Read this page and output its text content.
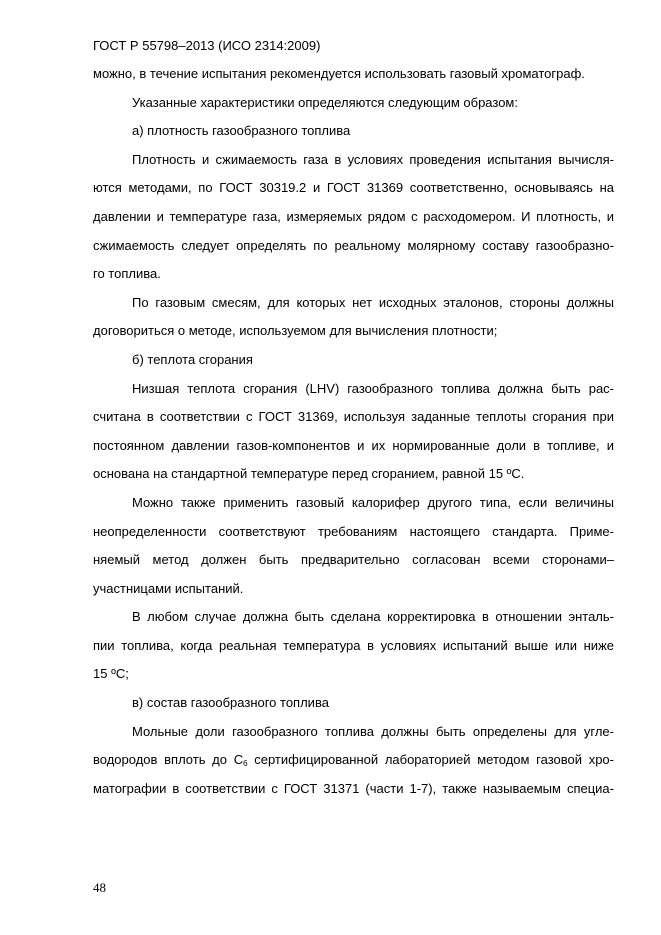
ГОСТ Р 55798–2013 (ИСО 2314:2009)
можно, в течение испытания рекомендуется использовать газовый хроматограф.
Указанные характеристики определяются следующим образом:
а) плотность газообразного топлива
Плотность и сжимаемость газа в условиях проведения испытания вычисля-
ются методами, по ГОСТ 30319.2 и ГОСТ 31369 соответственно, основываясь на
давлении и температуре газа, измеряемых рядом с расходомером. И плотность, и
сжимаемость следует определять по реальному молярному составу газообразно-
го топлива.
По газовым смесям, для которых нет исходных эталонов, стороны должны
договориться о методе, используемом для вычисления плотности;
б) теплота сгорания
Низшая теплота сгорания (LHV) газообразного топлива должна быть рас-
считана в соответствии с ГОСТ 31369, используя заданные теплоты сгорания при
постоянном давлении газов-компонентов и их нормированные доли в топливе, и
основана на стандартной температуре перед сгоранием, равной 15 ºС.
Можно также применить газовый калорифер другого типа, если величины
неопределенности соответствуют требованиям настоящего стандарта. Приме-
няемый метод должен быть предварительно согласован всеми сторонами–
участницами испытаний.
В любом случае должна быть сделана корректировка в отношении энталь-
пии топлива, когда реальная температура в условиях испытаний выше или ниже
15 ºС;
в) состав газообразного топлива
Мольные доли газообразного топлива должны быть определены для угле-
водородов вплоть до $С_6$ сертифицированной лабораторией методом газовой хро-
матографии в соответствии с ГОСТ 31371 (части 1-7), также называемым специа-
48
